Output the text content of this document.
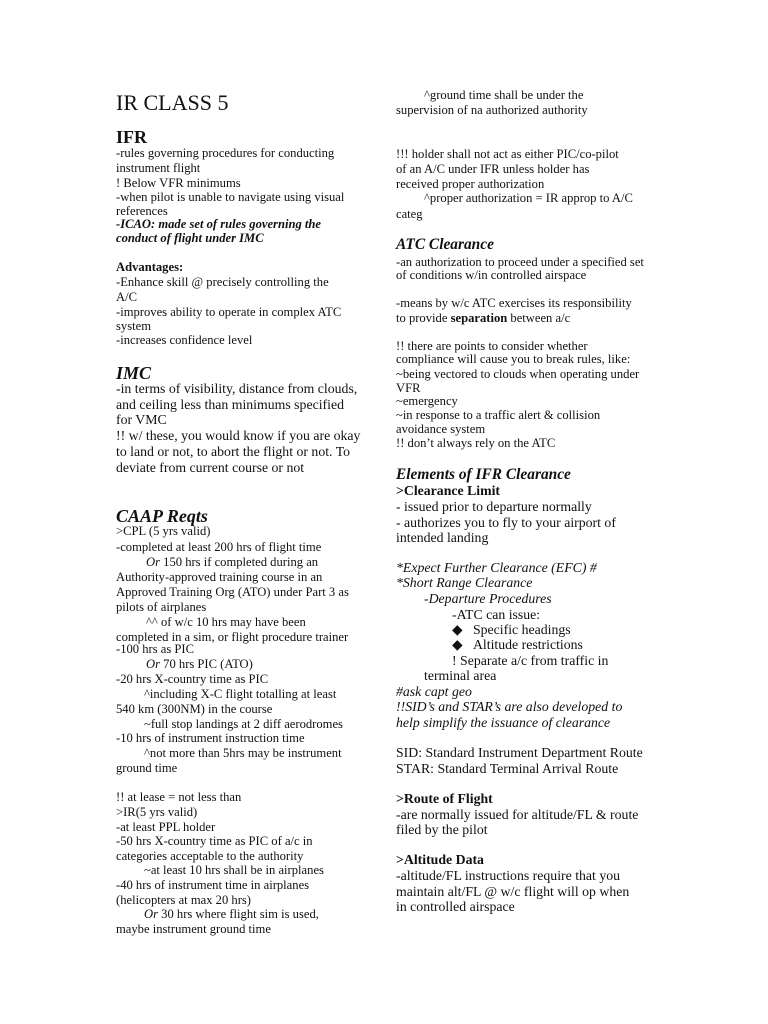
IR CLASS 5
IFR
-rules governing procedures for conducting
instrument flight
! Below VFR minimums
-when pilot is unable to navigate using visual
references
-ICAO: made set of rules governing the
conduct of flight under IMC
Advantages:
-Enhance skill @ precisely controlling the
A/C
-improves ability to operate in complex ATC
system
-increases confidence level
IMC
-in terms of visibility, distance from clouds,
and ceiling less than minimums specified
for VMC
!! w/ these, you would know if you are okay
to land or not, to abort the flight or not. To
deviate from current course or not
CAAP Reqts
>CPL (5 yrs valid)
-completed at least 200 hrs of flight time
Or 150 hrs if completed during an
Authority-approved training course in an
Approved Training Org (ATO) under Part 3 as
pilots of airplanes
^^ of w/c 10 hrs may have been
completed in a sim, or flight procedure trainer
-100 hrs as PIC
Or 70 hrs PIC (ATO)
-20 hrs X-country time as PIC
^including X-C flight totalling at least
540 km (300NM) in the course
~full stop landings at 2 diff aerodromes
-10 hrs of instrument instruction time
^not more than 5hrs may be instrument
ground time
!! at lease = not less than
>IR(5 yrs valid)
-at least PPL holder
-50 hrs X-country time as PIC of a/c in
categories acceptable to the authority
~at least 10 hrs shall be in airplanes
-40 hrs of instrument time in airplanes
(helicopters at max 20 hrs)
Or 30 hrs where flight sim is used,
maybe instrument ground time
^ground time shall be under the
supervision of na authorized authority
!!! holder shall not act as either PIC/co-pilot
of an A/C under IFR unless holder has
received proper authorization
^proper authorization = IR approp to A/C
categ
ATC Clearance
-an authorization to proceed under a specified set
of conditions w/in controlled airspace
-means by w/c ATC exercises its responsibility
to provide separation between a/c
!! there are points to consider whether
compliance will cause you to break rules, like:
~being vectored to clouds when operating under
VFR
~emergency
~in response to a traffic alert & collision
avoidance system
!! don’t always rely on the ATC
Elements of IFR Clearance
>Clearance Limit
- issued prior to departure normally
- authorizes you to fly to your airport of
intended landing
*Expect Further Clearance (EFC) #
*Short Range Clearance
-Departure Procedures
-ATC can issue:
◆   Specific headings
◆   Altitude restrictions
! Separate a/c from traffic in
terminal area
#ask capt geo
!!SID’s and STAR’s are also developed to
help simplify the issuance of clearance
SID: Standard Instrument Department Route
STAR: Standard Terminal Arrival Route
>Route of Flight
-are normally issued for altitude/FL & route
filed by the pilot
>Altitude Data
-altitude/FL instructions require that you
maintain alt/FL @ w/c flight will op when
in controlled airspace
